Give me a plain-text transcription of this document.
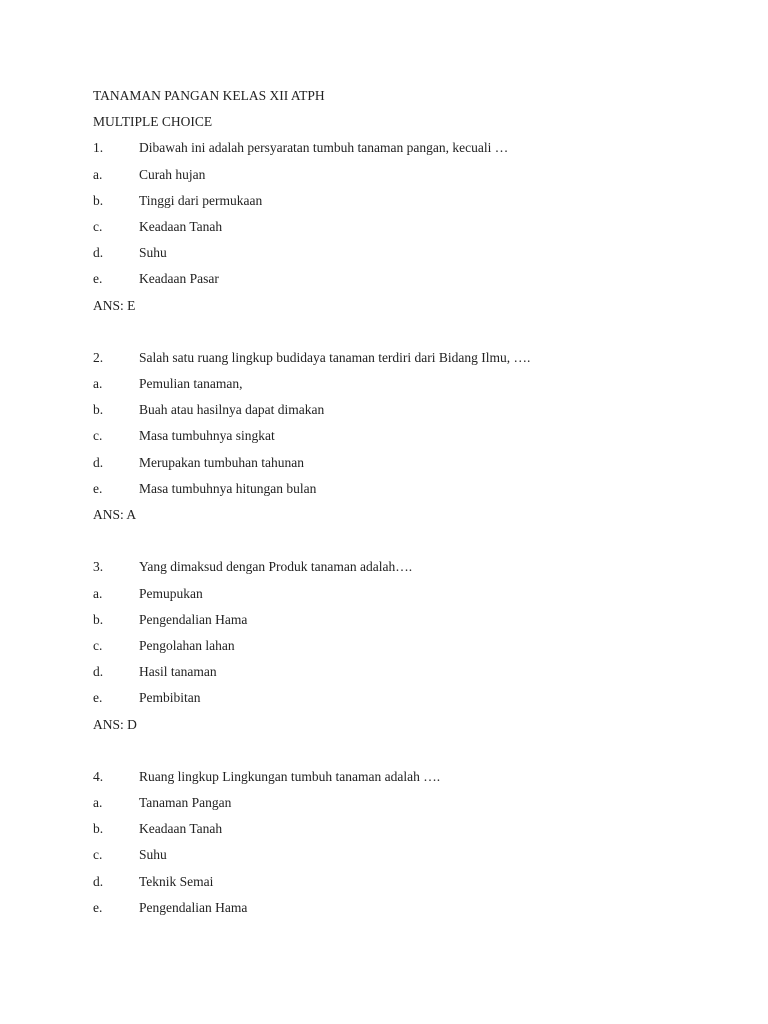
TANAMAN PANGAN KELAS XII ATPH
MULTIPLE CHOICE
1.	Dibawah ini adalah persyaratan tumbuh tanaman pangan, kecuali …
a.	Curah hujan
b.	Tinggi dari permukaan
c.	Keadaan Tanah
d.	Suhu
e.	Keadaan Pasar
ANS: E
2.	Salah satu ruang lingkup budidaya tanaman terdiri dari Bidang Ilmu, ….
a.	Pemulian tanaman,
b.	Buah atau hasilnya dapat dimakan
c.	Masa tumbuhnya singkat
d.	Merupakan tumbuhan tahunan
e.	Masa tumbuhnya hitungan bulan
ANS: A
3.	Yang dimaksud dengan Produk tanaman adalah….
a.	Pemupukan
b.	Pengendalian Hama
c.	Pengolahan lahan
d.	Hasil tanaman
e.	Pembibitan
ANS: D
4.	Ruang lingkup Lingkungan tumbuh tanaman adalah ….
a.	Tanaman Pangan
b.	Keadaan Tanah
c.	Suhu
d.	Teknik Semai
e.	Pengendalian Hama
